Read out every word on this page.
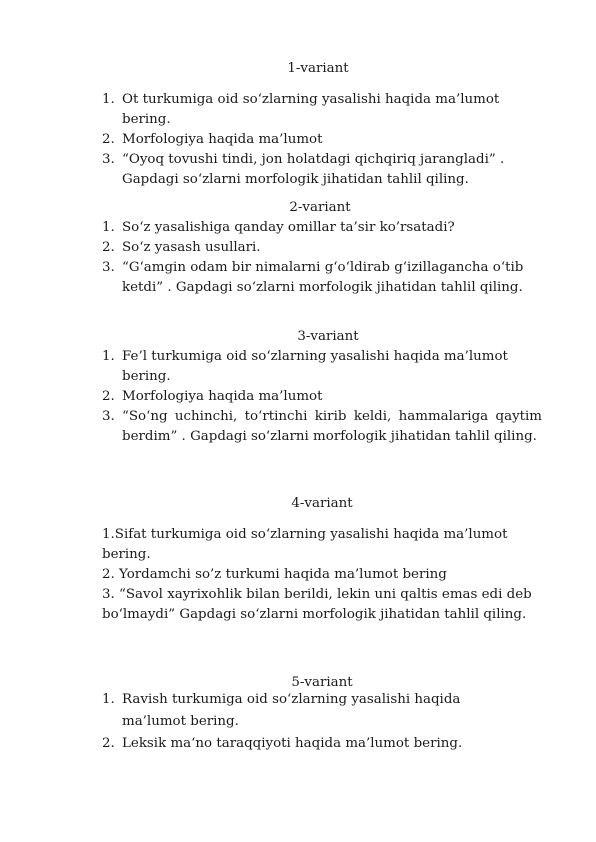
1-variant
1. Ot turkumiga oid so‘zlarning yasalishi haqida ma’lumot bering.
2. Morfologiya haqida ma’lumot
3. “Oyoq tovushi tindi, jon holatdagi qichqiriq jarangladi” . Gapdagi so‘zlarni morfologik jihatidan tahlil qiling.
2-variant
1. So‘z yasalishiga qanday omillar ta’sir ko’rsatadi?
2. So‘z yasash usullari.
3. “G‘amgin odam bir nimalarni g‘o‘ldirab g‘izillagancha o‘tib ketdi” . Gapdagi so‘zlarni morfologik jihatidan tahlil qiling.
3-variant
1. Fe’l turkumiga oid so‘zlarning yasalishi haqida ma’lumot bering.
2. Morfologiya haqida ma’lumot
3. “So‘ng uchinchi, to‘rtinchi kirib keldi, hammalariga qaytim berdim” . Gapdagi so‘zlarni morfologik jihatidan tahlil qiling.
4-variant
1.Sifat turkumiga oid so‘zlarning yasalishi haqida ma’lumot
bering.
2. Yordamchi so’z turkumi haqida ma’lumot bering
3. “Savol xayrixohlik bilan berildi, lekin uni qaltis emas edi deb
bo‘lmaydi” Gapdagi so‘zlarni morfologik jihatidan tahlil qiling.
5-variant
1. Ravish turkumiga oid so‘zlarning yasalishi haqida ma’lumot bering.
2. Leksik ma‘no taraqqiyoti haqida ma’lumot bering.
